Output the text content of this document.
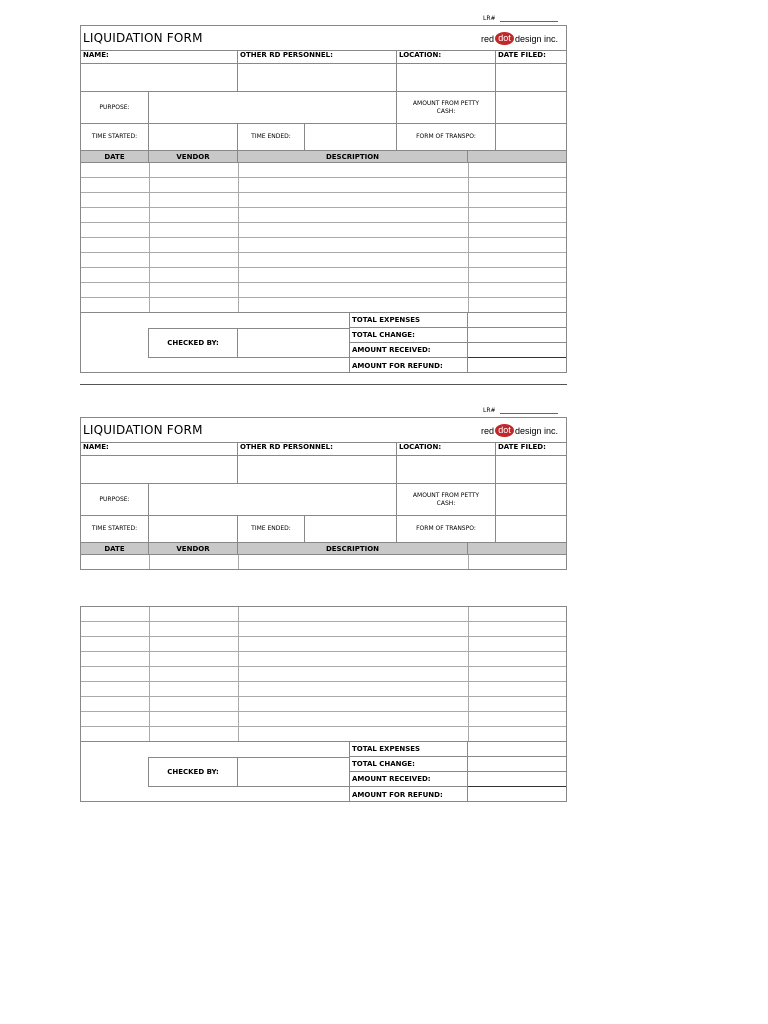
LR#
LIQUIDATION FORM	red dot design inc.
NAME:	OTHER RD PERSONNEL:	LOCATION:	DATE FILED:
PURPOSE:
AMOUNT FROM PETTY CASH:
TIME STARTED:	TIME ENDED:	FORM OF TRANSPO:
DATE	VENDOR	DESCRIPTION
CHECKED BY:
TOTAL EXPENSES
TOTAL CHANGE:
AMOUNT RECEIVED:
AMOUNT FOR REFUND:
LR#
LIQUIDATION FORM	red dot design inc.
NAME:	OTHER RD PERSONNEL:	LOCATION:	DATE FILED:
PURPOSE:
AMOUNT FROM PETTY CASH:
TIME STARTED:	TIME ENDED:	FORM OF TRANSPO:
DATE	VENDOR	DESCRIPTION
CHECKED BY:
TOTAL EXPENSES
TOTAL CHANGE:
AMOUNT RECEIVED:
AMOUNT FOR REFUND:
